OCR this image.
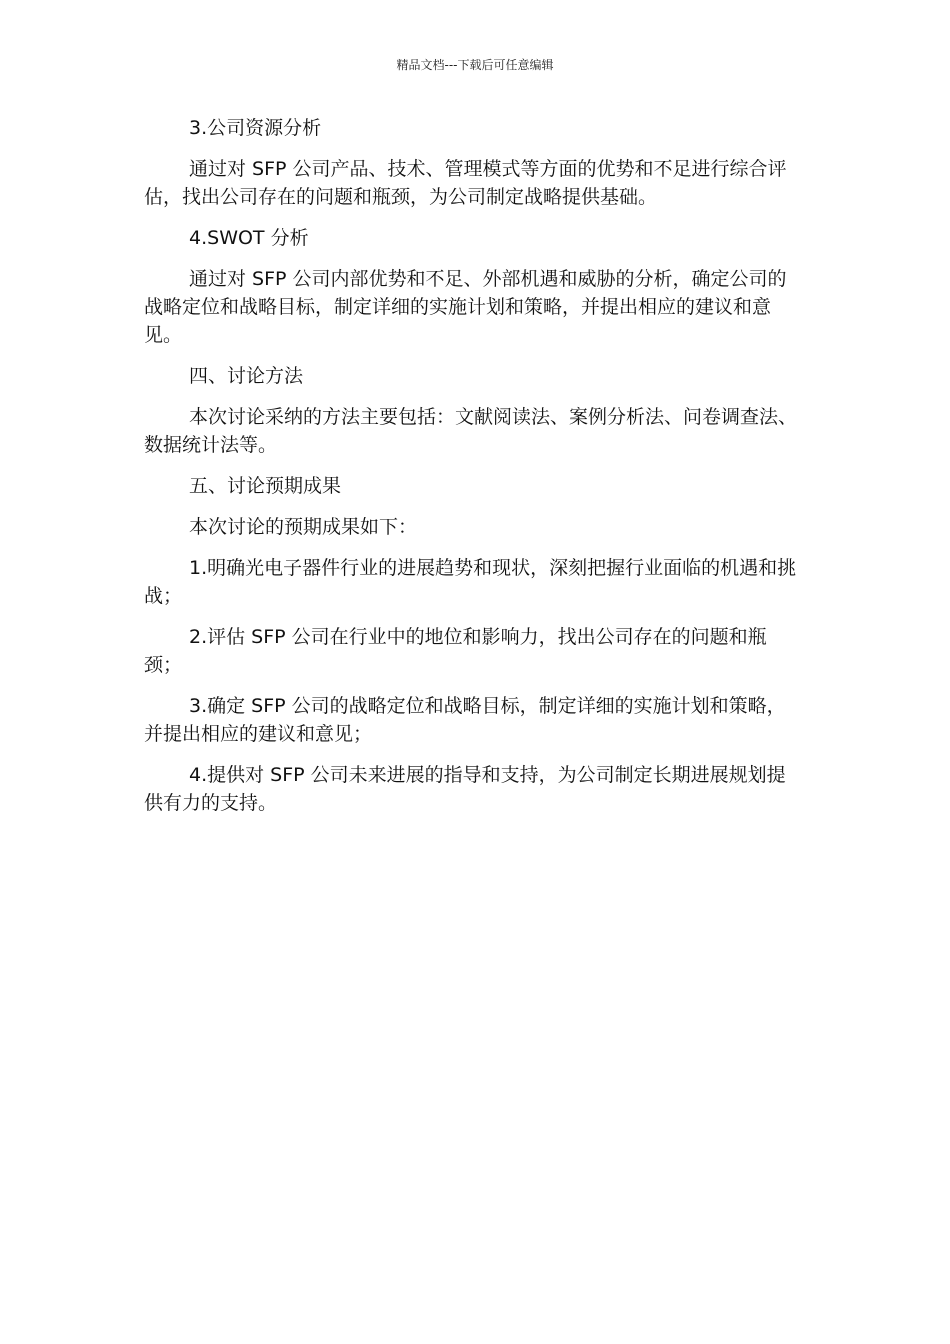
精品文档---下载后可任意编辑

3.公司资源分析

通过对 SFP 公司产品、技术、管理模式等方面的优势和不足进行综合评估，找出公司存在的问题和瓶颈，为公司制定战略提供基础。

4.SWOT 分析

通过对 SFP 公司内部优势和不足、外部机遇和威胁的分析，确定公司的战略定位和战略目标，制定详细的实施计划和策略，并提出相应的建议和意见。

四、讨论方法

本次讨论采纳的方法主要包括：文献阅读法、案例分析法、问卷调查法、数据统计法等。

五、讨论预期成果

本次讨论的预期成果如下：

1.明确光电子器件行业的进展趋势和现状，深刻把握行业面临的机遇和挑战；

2.评估 SFP 公司在行业中的地位和影响力，找出公司存在的问题和瓶颈；

3.确定 SFP 公司的战略定位和战略目标，制定详细的实施计划和策略，并提出相应的建议和意见；

4.提供对 SFP 公司未来进展的指导和支持，为公司制定长期进展规划提供有力的支持。
